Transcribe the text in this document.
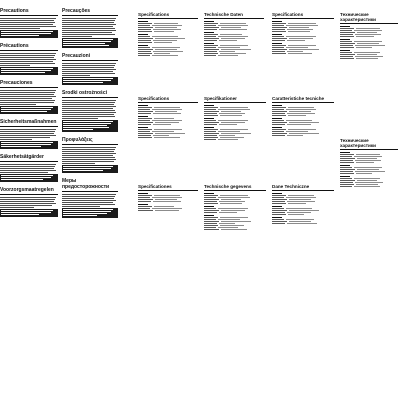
Precautions
Précautions
Precauciones
Sicherheitsmaßnahmen
Säkerhetsåtgärder
Voorzorgsmaatregelen
Precauções
Precauzioni
Środki ostrożności
Προφυλάξεις
Меры предосторожности
Specifications	Technische Daten	Specifications	Технические характеристики
Specifications	Specifikationer	Caratteristiche tecniche
Технические характеристики
Specificationes	Technische gegevens	Dane Techniczne
